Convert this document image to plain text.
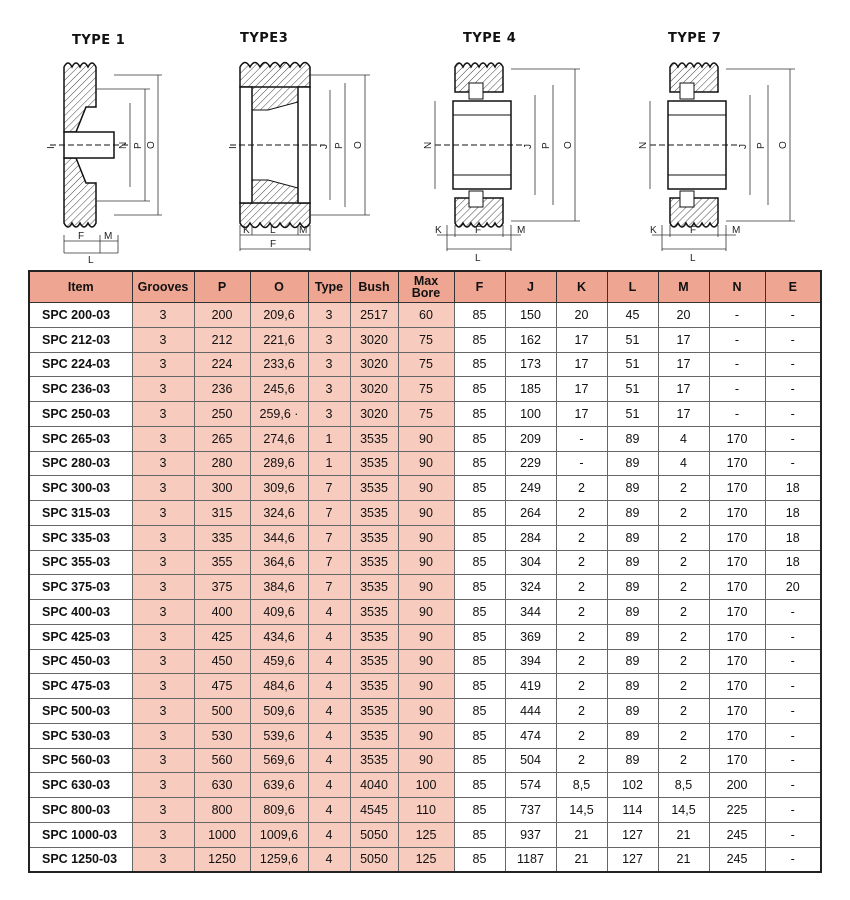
TYPE 1	TYPE3	TYPE 4	TYPE 7
I	N P O
F M
L
I	J P O
K L M
F
N	J P O
K	F	M
L
N	J P O
K	F	M
L
Item	Grooves	P	O	Type	Bush	Max Bore	F	J	K	L	M	N	E
SPC 200-03	3	200	209,6	3	2517	60	85	150	20	45	20	-	-
SPC 212-03	3	212	221,6	3	3020	75	85	162	17	51	17	-	-
SPC 224-03	3	224	233,6	3	3020	75	85	173	17	51	17	-	-
SPC 236-03	3	236	245,6	3	3020	75	85	185	17	51	17	-	-
SPC 250-03	3	250	259,6 ·	3	3020	75	85	100	17	51	17	-	-
SPC 265-03	3	265	274,6	1	3535	90	85	209	-	89	4	170	-
SPC 280-03	3	280	289,6	1	3535	90	85	229	-	89	4	170	-
SPC 300-03	3	300	309,6	7	3535	90	85	249	2	89	2	170	18
SPC 315-03	3	315	324,6	7	3535	90	85	264	2	89	2	170	18
SPC 335-03	3	335	344,6	7	3535	90	85	284	2	89	2	170	18
SPC 355-03	3	355	364,6	7	3535	90	85	304	2	89	2	170	18
SPC 375-03	3	375	384,6	7	3535	90	85	324	2	89	2	170	20
SPC 400-03	3	400	409,6	4	3535	90	85	344	2	89	2	170	-
SPC 425-03	3	425	434,6	4	3535	90	85	369	2	89	2	170	-
SPC 450-03	3	450	459,6	4	3535	90	85	394	2	89	2	170	-
SPC 475-03	3	475	484,6	4	3535	90	85	419	2	89	2	170	-
SPC 500-03	3	500	509,6	4	3535	90	85	444	2	89	2	170	-
SPC 530-03	3	530	539,6	4	3535	90	85	474	2	89	2	170	-
SPC 560-03	3	560	569,6	4	3535	90	85	504	2	89	2	170	-
SPC 630-03	3	630	639,6	4	4040	100	85	574	8,5	102	8,5	200	-
SPC 800-03	3	800	809,6	4	4545	110	85	737	14,5	114	14,5	225	-
SPC 1000-03	3	1000	1009,6	4	5050	125	85	937	21	127	21	245	-
SPC 1250-03	3	1250	1259,6	4	5050	125	85	1187	21	127	21	245	-
